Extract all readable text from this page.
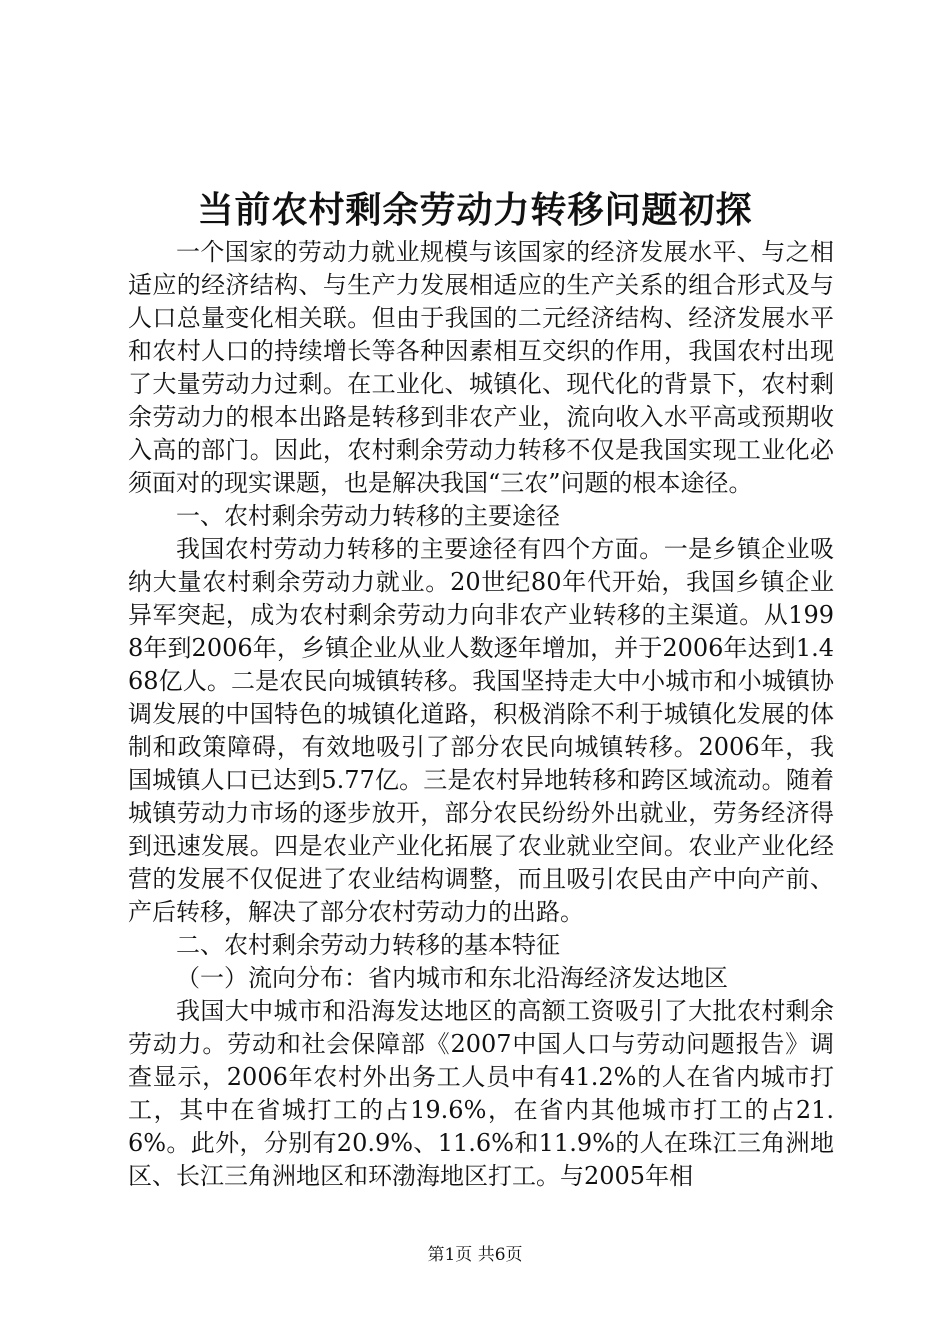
当前农村剩余劳动力转移问题初探

一个国家的劳动力就业规模与该国家的经济发展水平、与之相适应的经济结构、与生产力发展相适应的生产关系的组合形式及与人口总量变化相关联。但由于我国的二元经济结构、经济发展水平和农村人口的持续增长等各种因素相互交织的作用，我国农村出现了大量劳动力过剩。在工业化、城镇化、现代化的背景下，农村剩余劳动力的根本出路是转移到非农产业，流向收入水平高或预期收入高的部门。因此，农村剩余劳动力转移不仅是我国实现工业化必须面对的现实课题，也是解决我国“三农”问题的根本途径。

一、农村剩余劳动力转移的主要途径

我国农村劳动力转移的主要途径有四个方面。一是乡镇企业吸纳大量农村剩余劳动力就业。20世纪80年代开始，我国乡镇企业异军突起，成为农村剩余劳动力向非农产业转移的主渠道。从1998年到2006年，乡镇企业从业人数逐年增加，并于2006年达到1.468亿人。二是农民向城镇转移。我国坚持走大中小城市和小城镇协调发展的中国特色的城镇化道路，积极消除不利于城镇化发展的体制和政策障碍，有效地吸引了部分农民向城镇转移。2006年，我国城镇人口已达到5.77亿。三是农村异地转移和跨区域流动。随着城镇劳动力市场的逐步放开，部分农民纷纷外出就业，劳务经济得到迅速发展。四是农业产业化拓展了农业就业空间。农业产业化经营的发展不仅促进了农业结构调整，而且吸引农民由产中向产前、产后转移，解决了部分农村劳动力的出路。

二、农村剩余劳动力转移的基本特征

（一）流向分布：省内城市和东北沿海经济发达地区

我国大中城市和沿海发达地区的高额工资吸引了大批农村剩余劳动力。劳动和社会保障部《2007中国人口与劳动问题报告》调查显示，2006年农村外出务工人员中有41.2%的人在省内城市打工，其中在省城打工的占19.6%，在省内其他城市打工的占21.6%。此外，分别有20.9%、11.6%和11.9%的人在珠江三角洲地区、长江三角洲地区和环渤海地区打工。与2005年相

第1页 共6页
